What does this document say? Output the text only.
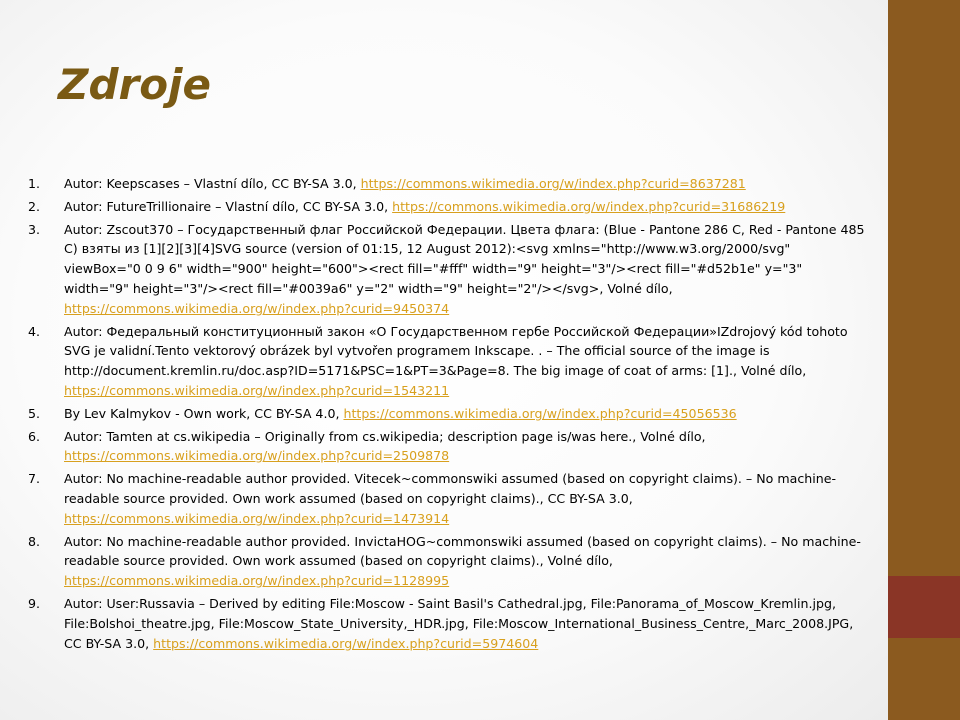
Zdroje
1. Autor: Keepscases – Vlastní dílo, CC BY-SA 3.0, https://commons.wikimedia.org/w/index.php?curid=8637281
2. Autor: FutureTrillionaire – Vlastní dílo, CC BY-SA 3.0, https://commons.wikimedia.org/w/index.php?curid=31686219
3. Autor: Zscout370 – Государственный флаг Российской Федерации. Цвета флага: (Blue - Pantone 286 C, Red - Pantone 485 C) взяты из [1][2][3][4]SVG source (version of 01:15, 12 August 2012):<svg xmlns="http://www.w3.org/2000/svg" viewBox="0 0 9 6" width="900" height="600"><rect fill="#fff" width="9" height="3"/><rect fill="#d52b1e" y="3" width="9" height="3"/><rect fill="#0039a6" y="2" width="9" height="2"/></svg>, Volné dílo, https://commons.wikimedia.org/w/index.php?curid=9450374
4. Autor: Федеральный конституционный закон «О Государственном гербе Российской Федерации»IZdrojový kód tohoto SVG je validní.Tento vektorový obrázek byl vytvořen programem Inkscape. . – The official source of the image is http://document.kremlin.ru/doc.asp?ID=5171&PSC=1&PT=3&Page=8. The big image of coat of arms: [1]., Volné dílo, https://commons.wikimedia.org/w/index.php?curid=1543211
5. By Lev Kalmykov - Own work, CC BY-SA 4.0, https://commons.wikimedia.org/w/index.php?curid=45056536
6. Autor: Tamten at cs.wikipedia – Originally from cs.wikipedia; description page is/was here., Volné dílo, https://commons.wikimedia.org/w/index.php?curid=2509878
7. Autor: No machine-readable author provided. Vitecek~commonswiki assumed (based on copyright claims). – No machine-readable source provided. Own work assumed (based on copyright claims)., CC BY-SA 3.0, https://commons.wikimedia.org/w/index.php?curid=1473914
8. Autor: No machine-readable author provided. InvictaHOG~commonswiki assumed (based on copyright claims). – No machine-readable source provided. Own work assumed (based on copyright claims)., Volné dílo, https://commons.wikimedia.org/w/index.php?curid=1128995
9. Autor: User:Russavia – Derived by editing File:Moscow - Saint Basil's Cathedral.jpg, File:Panorama_of_Moscow_Kremlin.jpg, File:Bolshoi_theatre.jpg, File:Moscow_State_University,_HDR.jpg, File:Moscow_International_Business_Centre,_Marc_2008.JPG, CC BY-SA 3.0, https://commons.wikimedia.org/w/index.php?curid=5974604
